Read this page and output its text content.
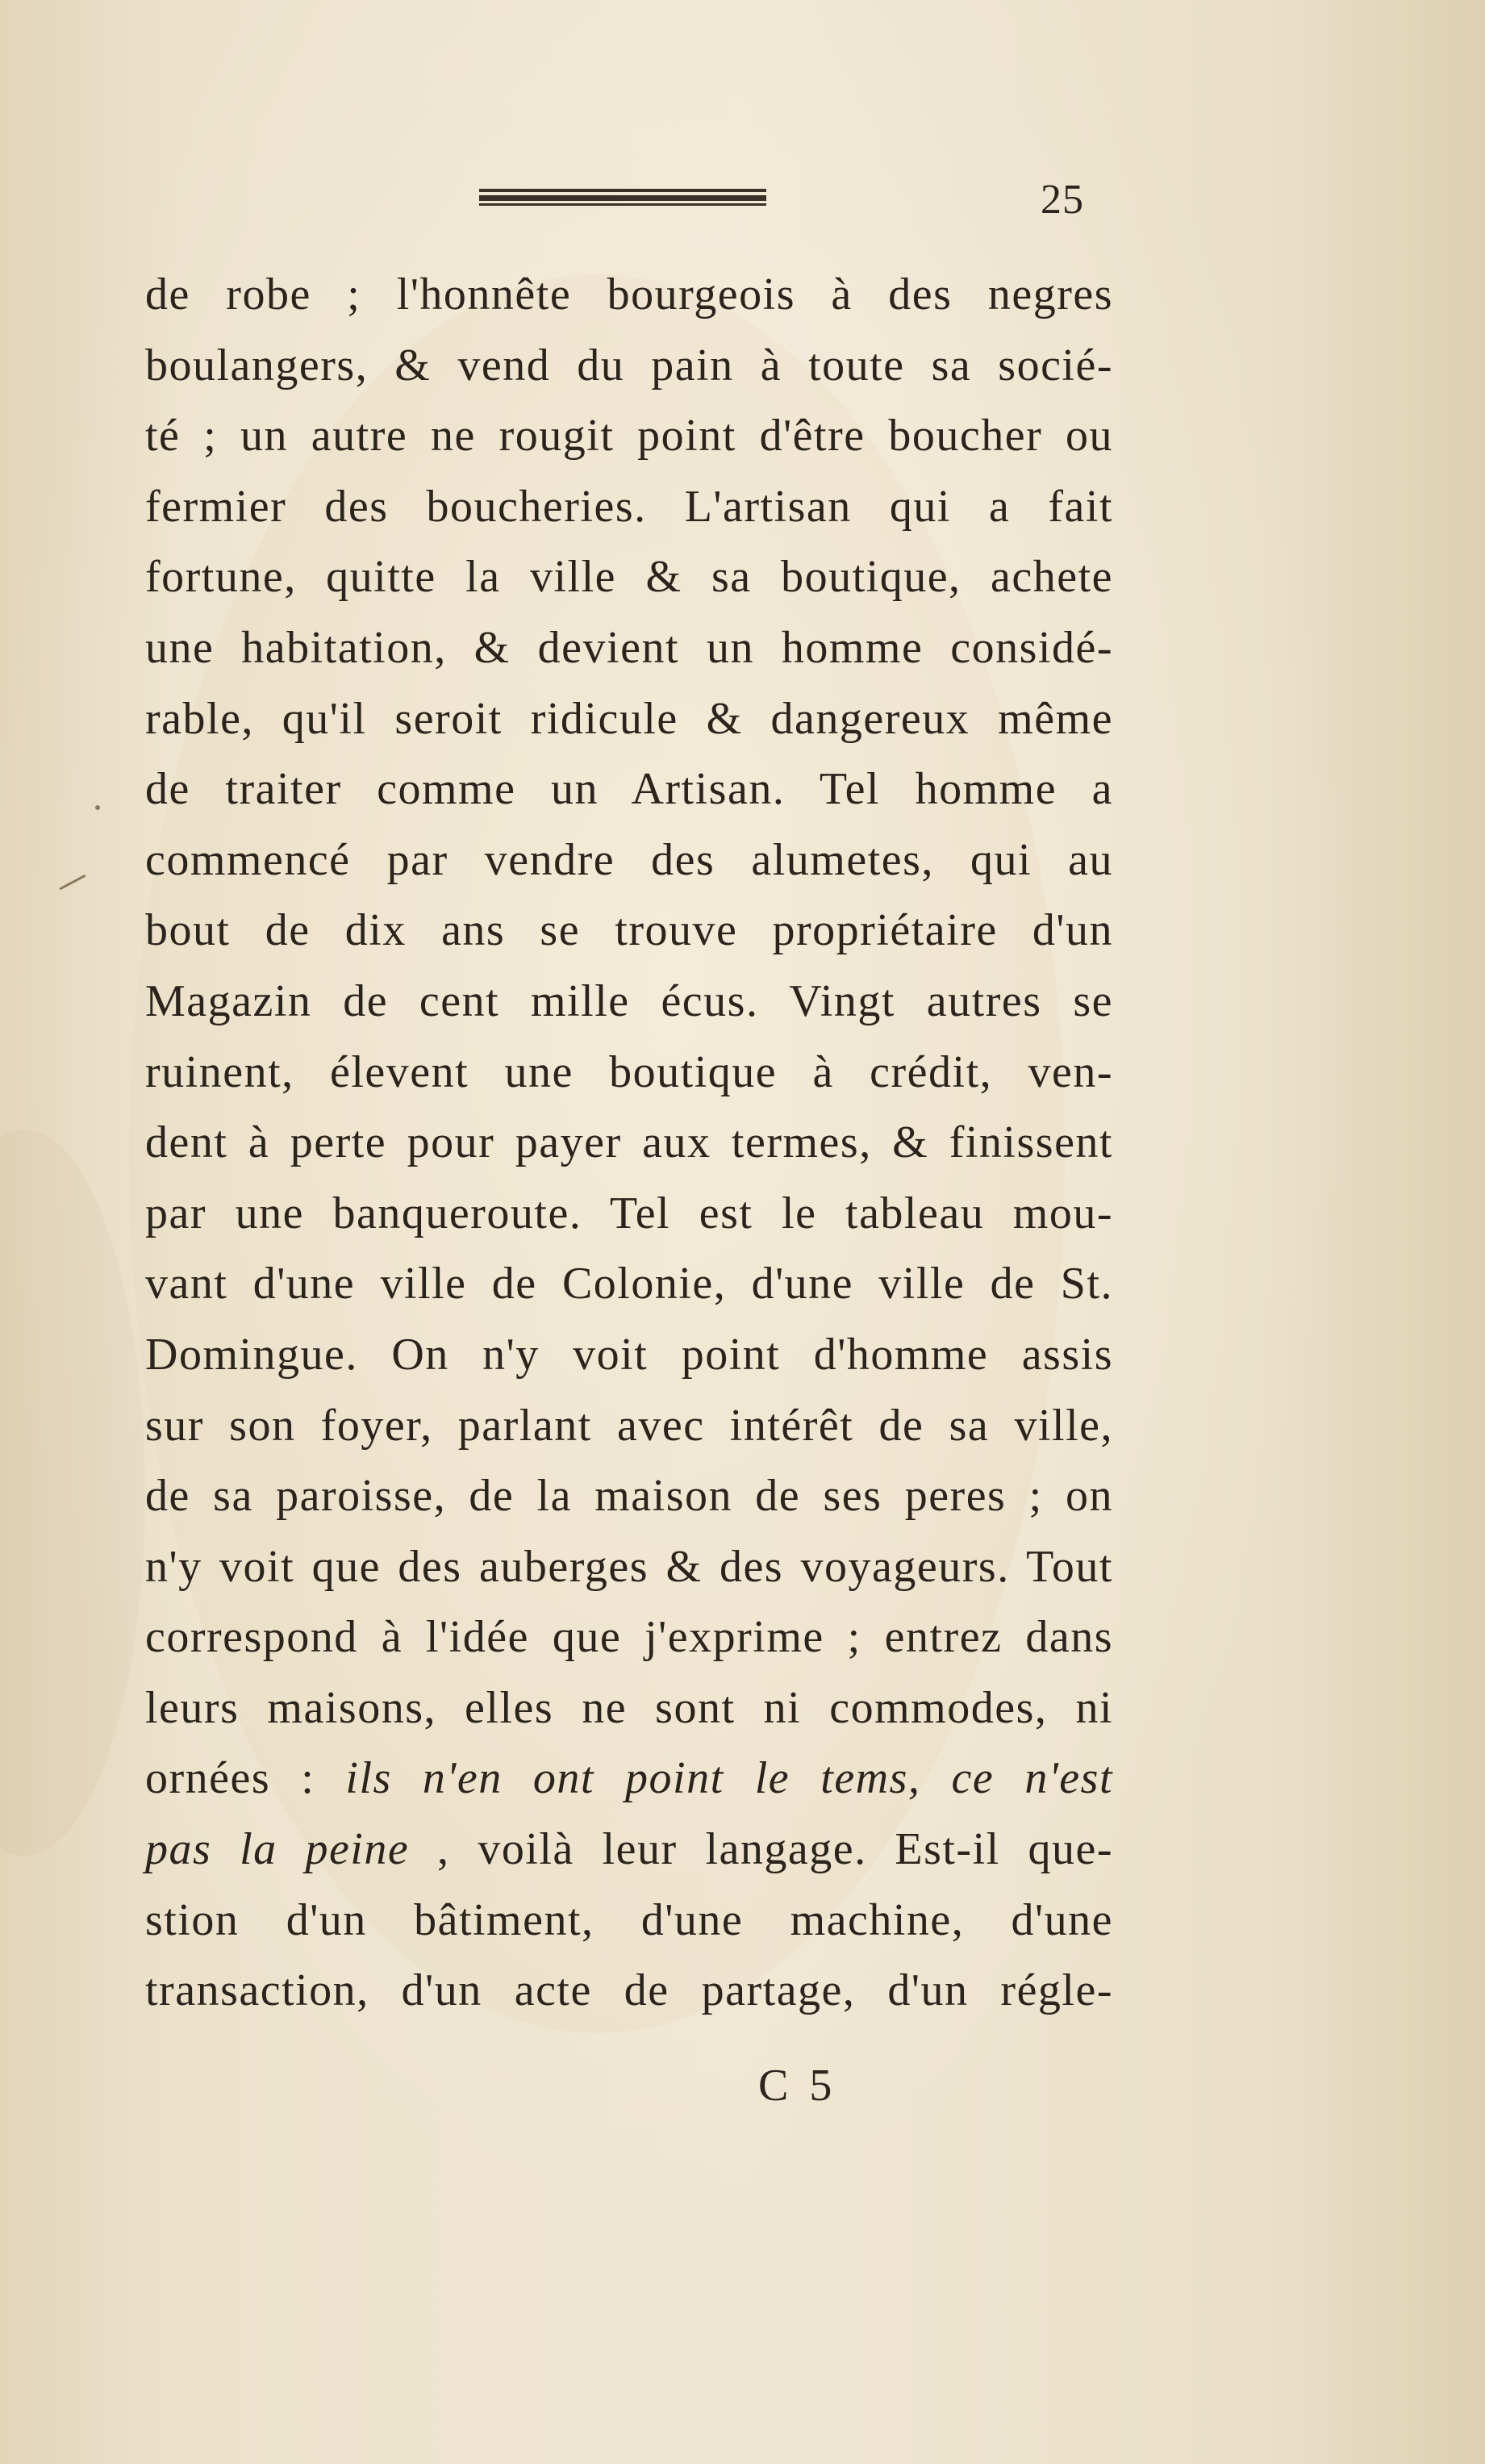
25
de robe ; l'honnête bourgeois à des negres
boulangers, & vend du pain à toute sa socié-
té ; un autre ne rougit point d'être boucher ou
fermier des boucheries. L'artisan qui a fait
fortune, quitte la ville & sa boutique, achete
une habitation, & devient un homme considé-
rable, qu'il seroit ridicule & dangereux même
de traiter comme un Artisan. Tel homme a
commencé par vendre des alumetes, qui au
bout de dix ans se trouve propriétaire d'un
Magazin de cent mille écus. Vingt autres se
ruinent, élevent une boutique à crédit, ven-
dent à perte pour payer aux termes, & finissent
par une banqueroute. Tel est le tableau mou-
vant d'une ville de Colonie, d'une ville de St.
Domingue. On n'y voit point d'homme assis
sur son foyer, parlant avec intérêt de sa ville,
de sa paroisse, de la maison de ses peres ; on
n'y voit que des auberges & des voyageurs. Tout
correspond à l'idée que j'exprime ; entrez dans
leurs maisons, elles ne sont ni commodes, ni
ornées : ils n'en ont point le tems, ce n'est
pas la peine , voilà leur langage. Est-il que-
stion d'un bâtiment, d'une machine, d'une
transaction, d'un acte de partage, d'un régle-
C 5
